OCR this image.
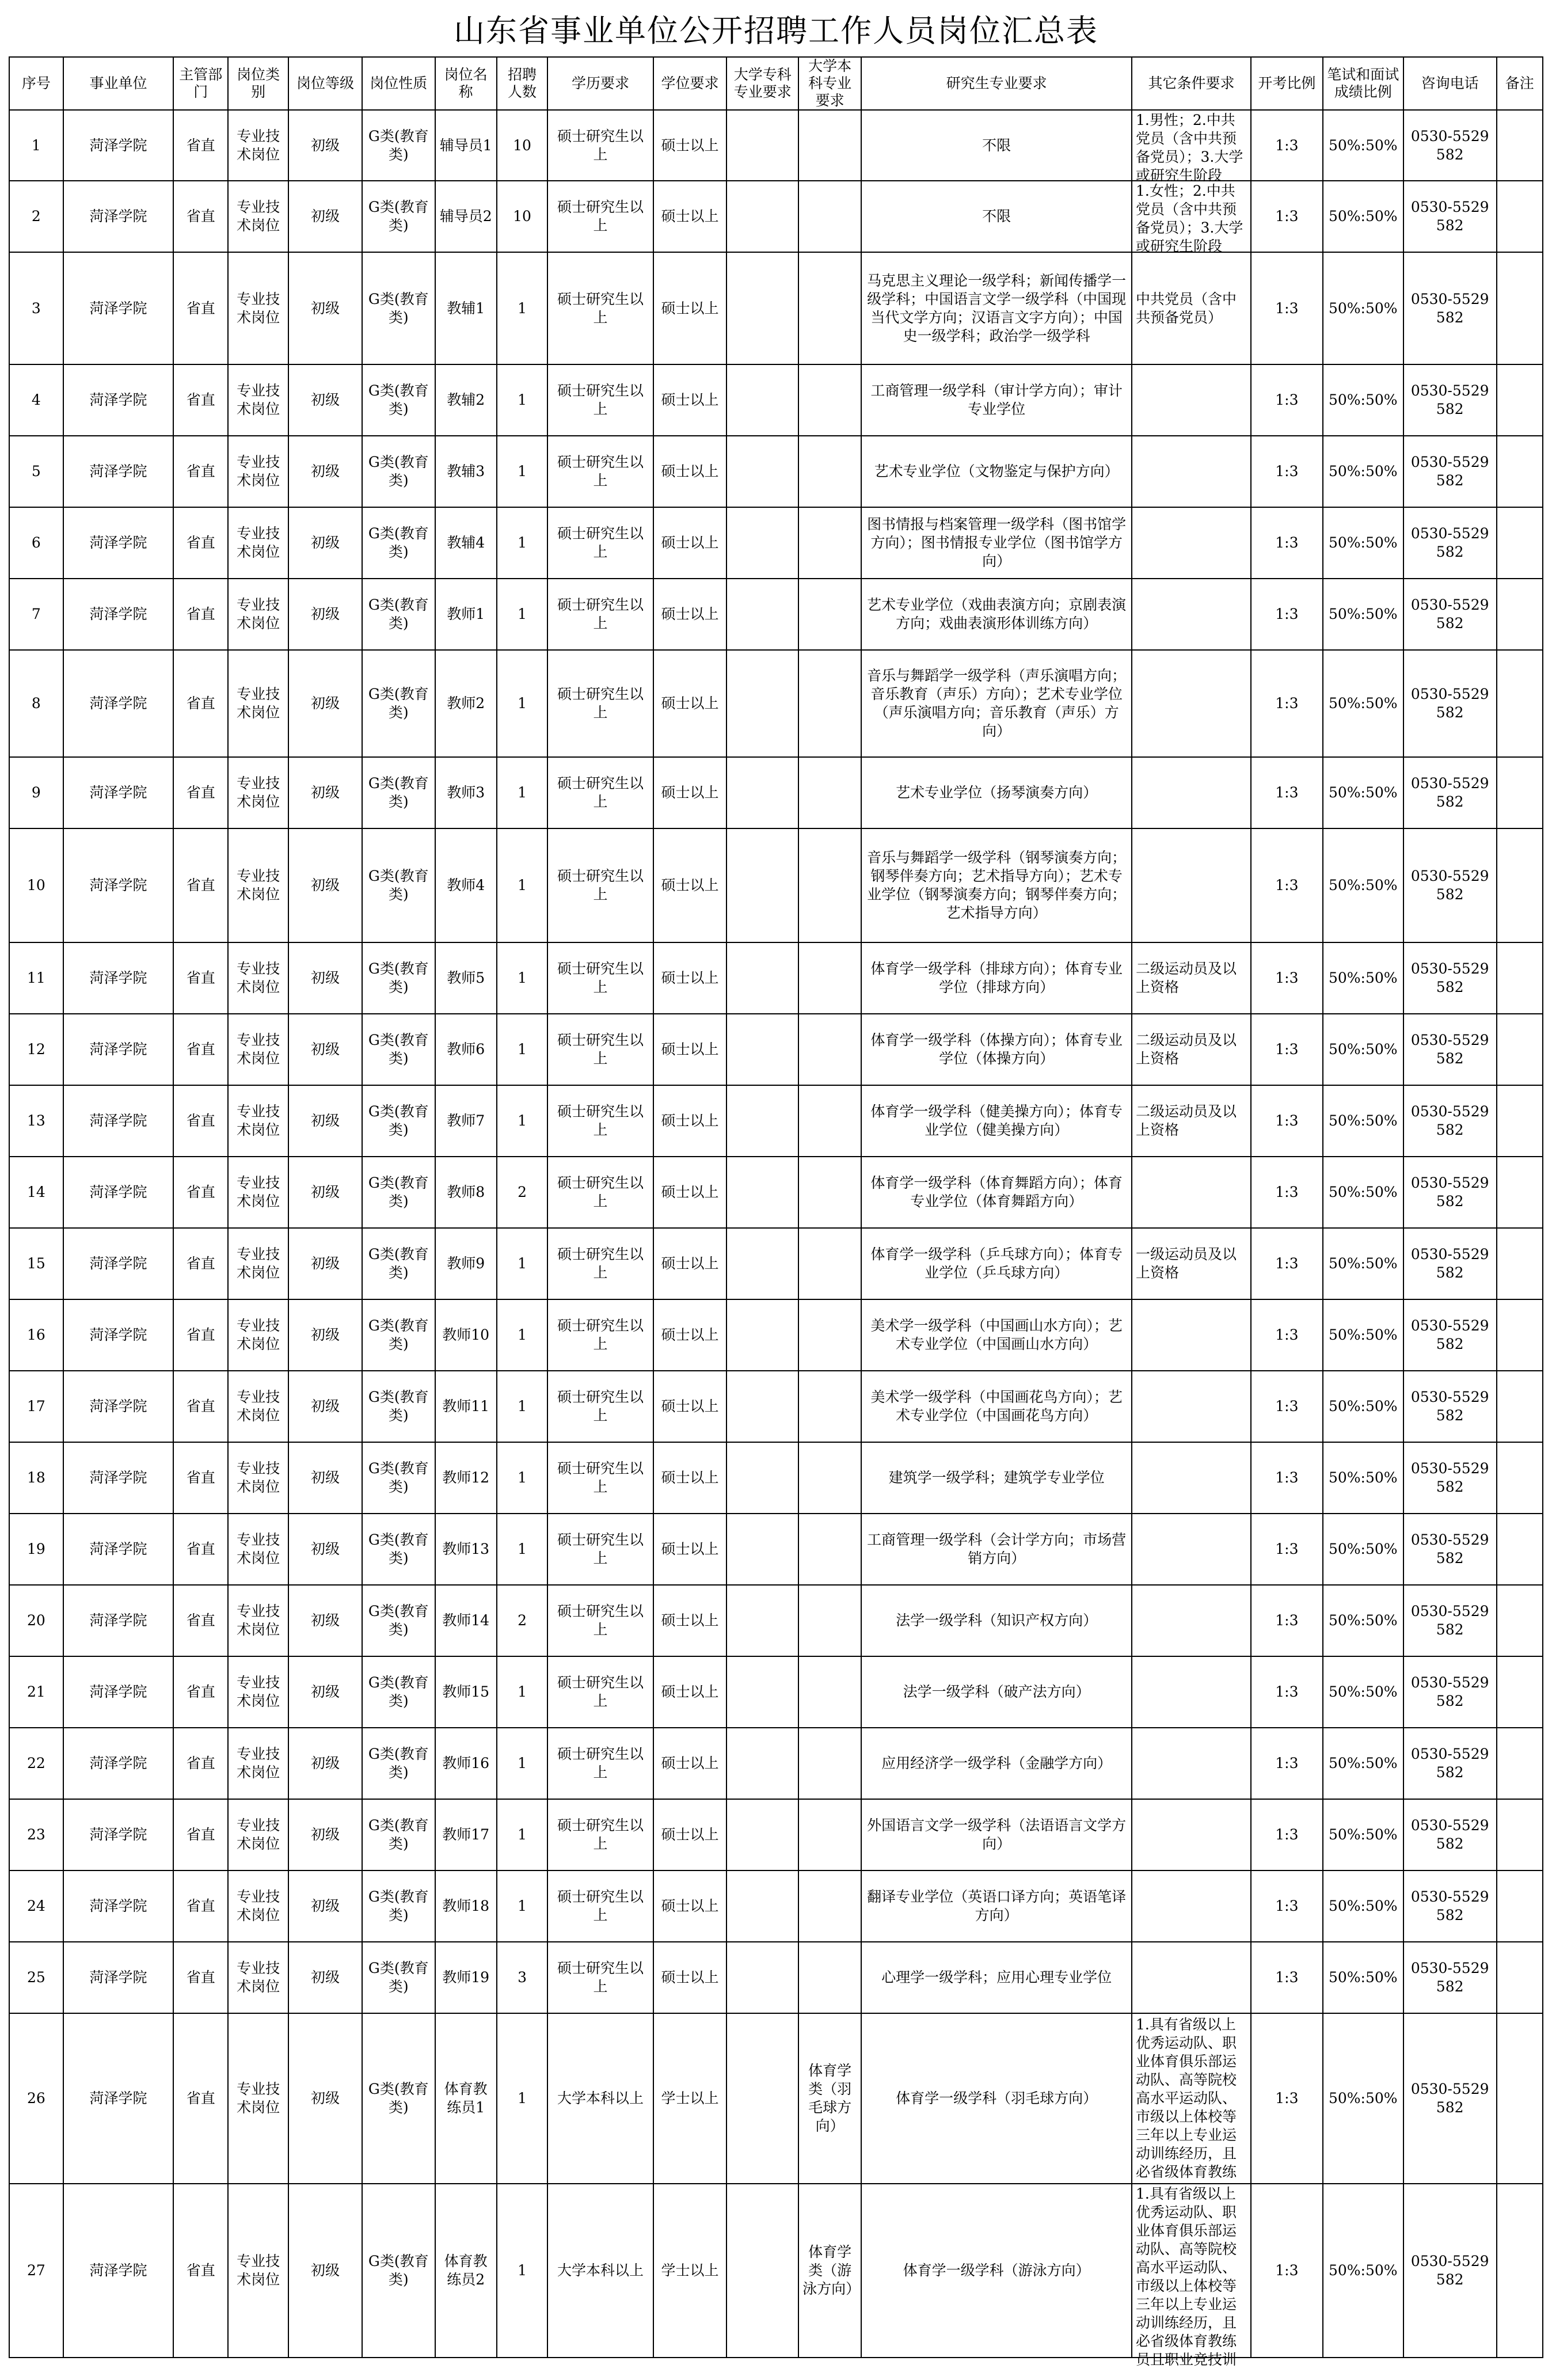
山东省事业单位公开招聘工作人员岗位汇总表
序号	事业单位	主管部门	岗位类别	岗位等级	岗位性质	岗位名称	招聘人数	学历要求	学位要求	大学专科专业要求	大学本科专业要求	研究生专业要求	其它条件要求	开考比例	笔试和面试成绩比例	咨询电话	备注

1	菏泽学院	省直	专业技术岗位	初级	G类(教育类)	辅导员1	10	硕士研究生以上	硕士以上			不限	1.男性；2.中共党员（含中共预备党员）；3.大学或研究生阶段	1:3	50%:50%	0530-5529582	

2	菏泽学院	省直	专业技术岗位	初级	G类(教育类)	辅导员2	10	硕士研究生以上	硕士以上			不限	1.女性；2.中共党员（含中共预备党员）；3.大学或研究生阶段	1:3	50%:50%	0530-5529582	

3	菏泽学院	省直	专业技术岗位	初级	G类(教育类)	教辅1	1	硕士研究生以上	硕士以上			马克思主义理论一级学科；新闻传播学一级学科；中国语言文学一级学科（中国现当代文学方向；汉语言文字方向）；中国史一级学科；政治学一级学科	中共党员（含中共预备党员）	1:3	50%:50%	0530-5529582	

4	菏泽学院	省直	专业技术岗位	初级	G类(教育类)	教辅2	1	硕士研究生以上	硕士以上			工商管理一级学科（审计学方向）；审计专业学位		1:3	50%:50%	0530-5529582	

5	菏泽学院	省直	专业技术岗位	初级	G类(教育类)	教辅3	1	硕士研究生以上	硕士以上			艺术专业学位（文物鉴定与保护方向）		1:3	50%:50%	0530-5529582	

6	菏泽学院	省直	专业技术岗位	初级	G类(教育类)	教辅4	1	硕士研究生以上	硕士以上			图书情报与档案管理一级学科（图书馆学方向）；图书情报专业学位（图书馆学方向）		1:3	50%:50%	0530-5529582	

7	菏泽学院	省直	专业技术岗位	初级	G类(教育类)	教师1	1	硕士研究生以上	硕士以上			艺术专业学位（戏曲表演方向；京剧表演方向；戏曲表演形体训练方向）		1:3	50%:50%	0530-5529582	

8	菏泽学院	省直	专业技术岗位	初级	G类(教育类)	教师2	1	硕士研究生以上	硕士以上			音乐与舞蹈学一级学科（声乐演唱方向；音乐教育（声乐）方向）；艺术专业学位（声乐演唱方向；音乐教育（声乐）方向）		1:3	50%:50%	0530-5529582	

9	菏泽学院	省直	专业技术岗位	初级	G类(教育类)	教师3	1	硕士研究生以上	硕士以上			艺术专业学位（扬琴演奏方向）		1:3	50%:50%	0530-5529582	

10	菏泽学院	省直	专业技术岗位	初级	G类(教育类)	教师4	1	硕士研究生以上	硕士以上			音乐与舞蹈学一级学科（钢琴演奏方向；钢琴伴奏方向；艺术指导方向）；艺术专业学位（钢琴演奏方向；钢琴伴奏方向；艺术指导方向）		1:3	50%:50%	0530-5529582	

11	菏泽学院	省直	专业技术岗位	初级	G类(教育类)	教师5	1	硕士研究生以上	硕士以上			体育学一级学科（排球方向）；体育专业学位（排球方向）	二级运动员及以上资格	1:3	50%:50%	0530-5529582	

12	菏泽学院	省直	专业技术岗位	初级	G类(教育类)	教师6	1	硕士研究生以上	硕士以上			体育学一级学科（体操方向）；体育专业学位（体操方向）	二级运动员及以上资格	1:3	50%:50%	0530-5529582	

13	菏泽学院	省直	专业技术岗位	初级	G类(教育类)	教师7	1	硕士研究生以上	硕士以上			体育学一级学科（健美操方向）；体育专业学位（健美操方向）	二级运动员及以上资格	1:3	50%:50%	0530-5529582	

14	菏泽学院	省直	专业技术岗位	初级	G类(教育类)	教师8	2	硕士研究生以上	硕士以上			体育学一级学科（体育舞蹈方向）；体育专业学位（体育舞蹈方向）		1:3	50%:50%	0530-5529582	

15	菏泽学院	省直	专业技术岗位	初级	G类(教育类)	教师9	1	硕士研究生以上	硕士以上			体育学一级学科（乒乓球方向）；体育专业学位（乒乓球方向）	一级运动员及以上资格	1:3	50%:50%	0530-5529582	

16	菏泽学院	省直	专业技术岗位	初级	G类(教育类)	教师10	1	硕士研究生以上	硕士以上			美术学一级学科（中国画山水方向）；艺术专业学位（中国画山水方向）		1:3	50%:50%	0530-5529582	

17	菏泽学院	省直	专业技术岗位	初级	G类(教育类)	教师11	1	硕士研究生以上	硕士以上			美术学一级学科（中国画花鸟方向）；艺术专业学位（中国画花鸟方向）		1:3	50%:50%	0530-5529582	

18	菏泽学院	省直	专业技术岗位	初级	G类(教育类)	教师12	1	硕士研究生以上	硕士以上			建筑学一级学科；建筑学专业学位		1:3	50%:50%	0530-5529582	

19	菏泽学院	省直	专业技术岗位	初级	G类(教育类)	教师13	1	硕士研究生以上	硕士以上			工商管理一级学科（会计学方向；市场营销方向）		1:3	50%:50%	0530-5529582	

20	菏泽学院	省直	专业技术岗位	初级	G类(教育类)	教师14	2	硕士研究生以上	硕士以上			法学一级学科（知识产权方向）		1:3	50%:50%	0530-5529582	

21	菏泽学院	省直	专业技术岗位	初级	G类(教育类)	教师15	1	硕士研究生以上	硕士以上			法学一级学科（破产法方向）		1:3	50%:50%	0530-5529582	

22	菏泽学院	省直	专业技术岗位	初级	G类(教育类)	教师16	1	硕士研究生以上	硕士以上			应用经济学一级学科（金融学方向）		1:3	50%:50%	0530-5529582	

23	菏泽学院	省直	专业技术岗位	初级	G类(教育类)	教师17	1	硕士研究生以上	硕士以上			外国语言文学一级学科（法语语言文学方向）		1:3	50%:50%	0530-5529582	

24	菏泽学院	省直	专业技术岗位	初级	G类(教育类)	教师18	1	硕士研究生以上	硕士以上			翻译专业学位（英语口译方向；英语笔译方向）		1:3	50%:50%	0530-5529582	

25	菏泽学院	省直	专业技术岗位	初级	G类(教育类)	教师19	3	硕士研究生以上	硕士以上			心理学一级学科；应用心理专业学位		1:3	50%:50%	0530-5529582	

26	菏泽学院	省直	专业技术岗位	初级	G类(教育类)	体育教练员1	1	大学本科以上	学士以上		体育学类（羽毛球方向）	体育学一级学科（羽毛球方向）	1.具有省级以上优秀运动队、职业体育俱乐部运动队、高等院校高水平运动队、市级以上体校等三年以上专业运动训练经历，且必省级体育教练	1:3	50%:50%	0530-5529582	

27	菏泽学院	省直	专业技术岗位	初级	G类(教育类)	体育教练员2	1	大学本科以上	学士以上		体育学类（游泳方向）	体育学一级学科（游泳方向）	1.具有省级以上优秀运动队、职业体育俱乐部运动队、高等院校高水平运动队、市级以上体校等三年以上专业运动训练经历，且必省级体育教练员且职业竞技训	1:3	50%:50%	0530-5529582	
